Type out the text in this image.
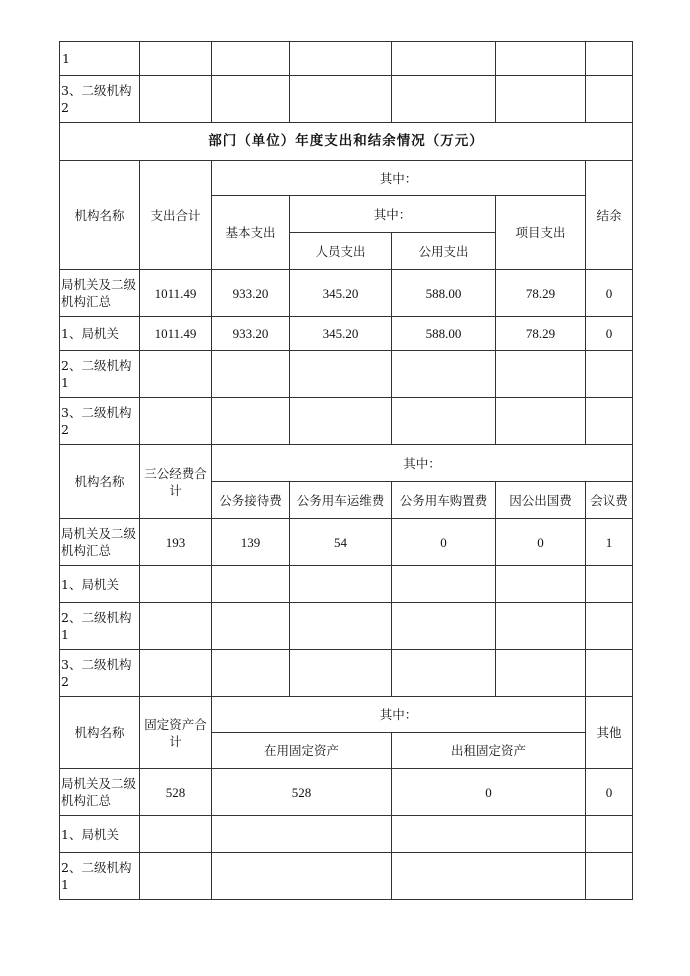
1						
3、二级机构2						
部门（单位）年度支出和结余情况（万元）						
机构名称	支出合计	其中：				结余
		基本支出	其中：		项目支出	
			人员支出	公用支出		
局机关及二级机构汇总	1011.49	933.20	345.20	588.00	78.29	0
1、局机关	1011.49	933.20	345.20	588.00	78.29	0
2、二级机构1						
3、二级机构2						
机构名称	三公经费合计	其中：				
		公务接待费	公务用车运维费	公务用车购置费	因公出国费	会议费
局机关及二级机构汇总	193	139	54	0	0	1
1、局机关						
2、二级机构1						
3、二级机构2						
机构名称	固定资产合计	其中：				其他
		在用固定资产		出租固定资产		
局机关及二级机构汇总	528	528		0		0
1、局机关						
2、二级机构1						
